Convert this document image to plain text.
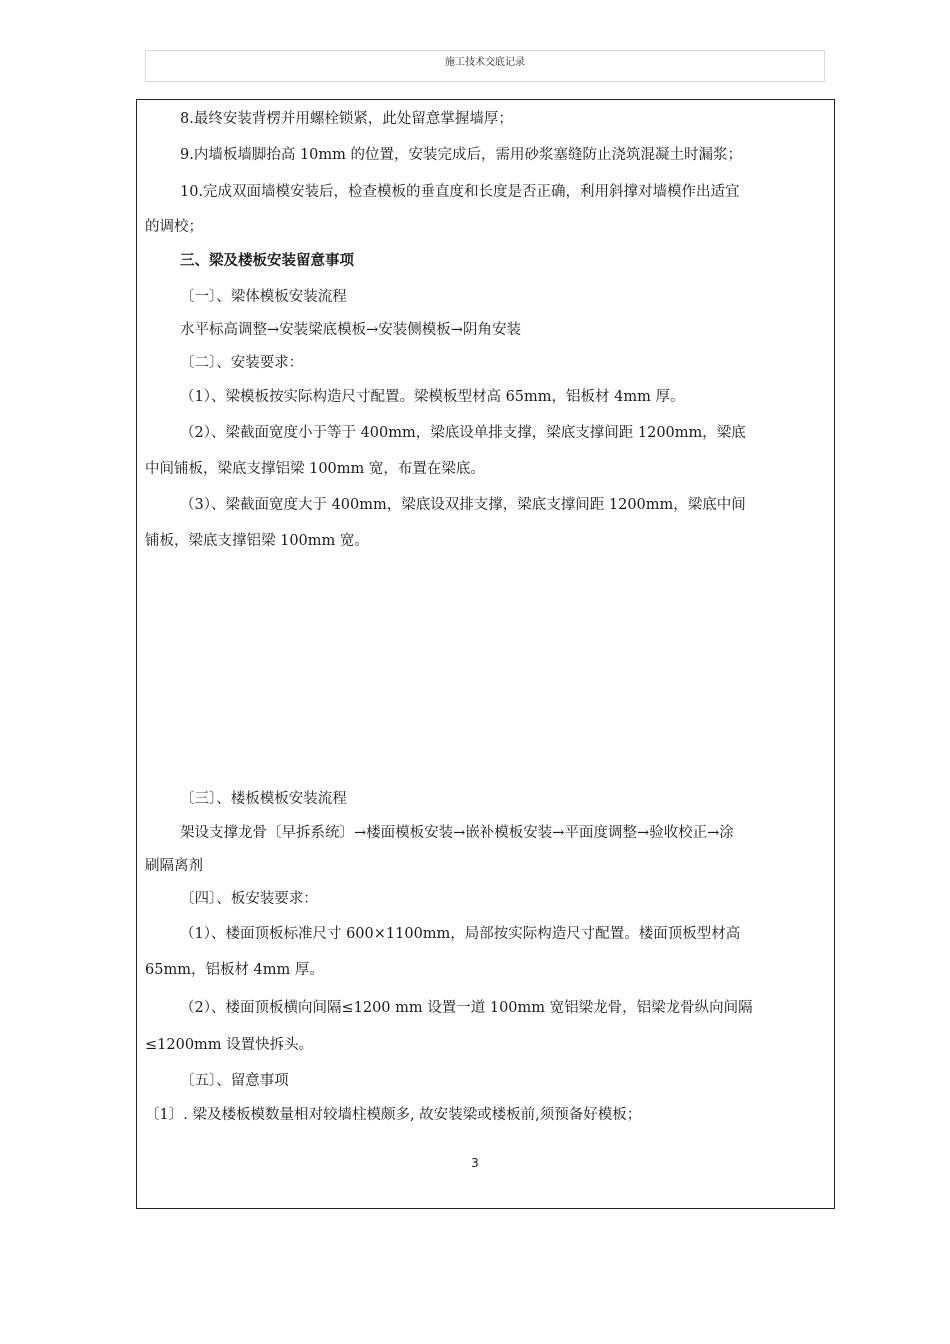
施工技术交底记录
8.最终安装背楞并用螺栓锁紧，此处留意掌握墙厚；
9.内墙板墙脚抬高 10mm 的位置，安装完成后，需用砂浆塞缝防止浇筑混凝土时漏浆；
10.完成双面墙模安装后，检查模板的垂直度和长度是否正确，利用斜撑对墙模作出适宜
的调校；
三、梁及楼板安装留意事项
〔一〕、梁体模板安装流程
水平标高调整→安装梁底模板→安装侧模板→阴角安装
〔二〕、安装要求：
（1）、梁模板按实际构造尺寸配置。梁模板型材高 65mm，铝板材 4mm 厚。
（2）、梁截面宽度小于等于 400mm，梁底设单排支撑，梁底支撑间距 1200mm，梁底
中间铺板，梁底支撑铝梁 100mm 宽，布置在梁底。
（3）、梁截面宽度大于 400mm，梁底设双排支撑，梁底支撑间距 1200mm，梁底中间
铺板，梁底支撑铝梁 100mm 宽。
〔三〕、楼板模板安装流程
架设支撑龙骨〔早拆系统〕→楼面模板安装→嵌补模板安装→平面度调整→验收校正→涂
刷隔离剂
〔四〕、板安装要求：
（1）、楼面顶板标准尺寸 600×1100mm，局部按实际构造尺寸配置。楼面顶板型材高
65mm，铝板材 4mm 厚。
（2）、楼面顶板横向间隔≤1200 mm 设置一道 100mm 宽铝梁龙骨，铝梁龙骨纵向间隔
≤1200mm 设置快拆头。
〔五〕、留意事项
〔1〕. 梁及楼板模数量相对较墙柱模颇多, 故安装梁或楼板前,须预备好模板；
3
